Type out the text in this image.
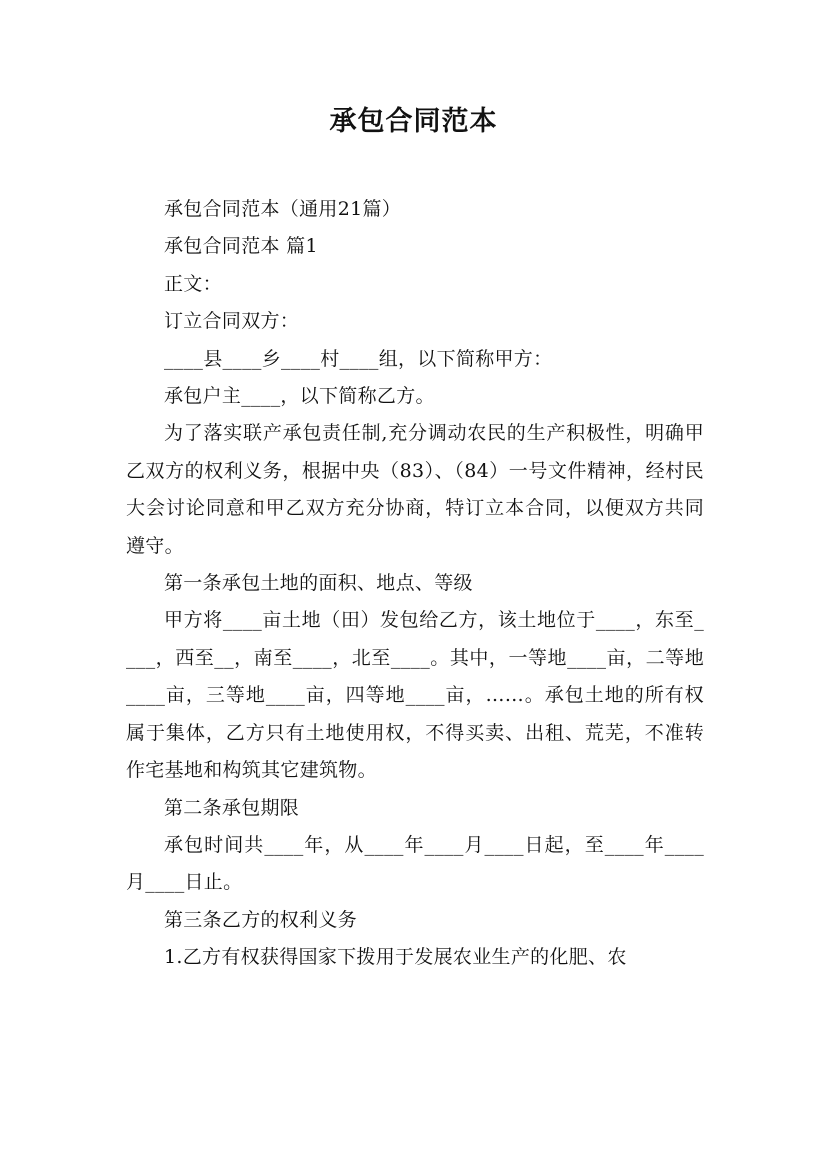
承包合同范本

承包合同范本（通用21篇）

承包合同范本 篇1

正文：

订立合同双方：

____县____乡____村____组，以下简称甲方：

承包户主____，以下简称乙方。

为了落实联产承包责任制,充分调动农民的生产积极性，明确甲乙双方的权利义务，根据中央（83）、（84）一号文件精神，经村民大会讨论同意和甲乙双方充分协商，特订立本合同，以便双方共同遵守。

第一条承包土地的面积、地点、等级

甲方将____亩土地（田）发包给乙方，该土地位于____，东至____，西至__，南至____，北至____。其中，一等地____亩，二等地____亩，三等地____亩，四等地____亩，……。承包土地的所有权属于集体，乙方只有土地使用权，不得买卖、出租、荒芜，不准转作宅基地和构筑其它建筑物。

第二条承包期限

承包时间共____年，从____年____月____日起，至____年____月____日止。

第三条乙方的权利义务

1.乙方有权获得国家下拨用于发展农业生产的化肥、农
